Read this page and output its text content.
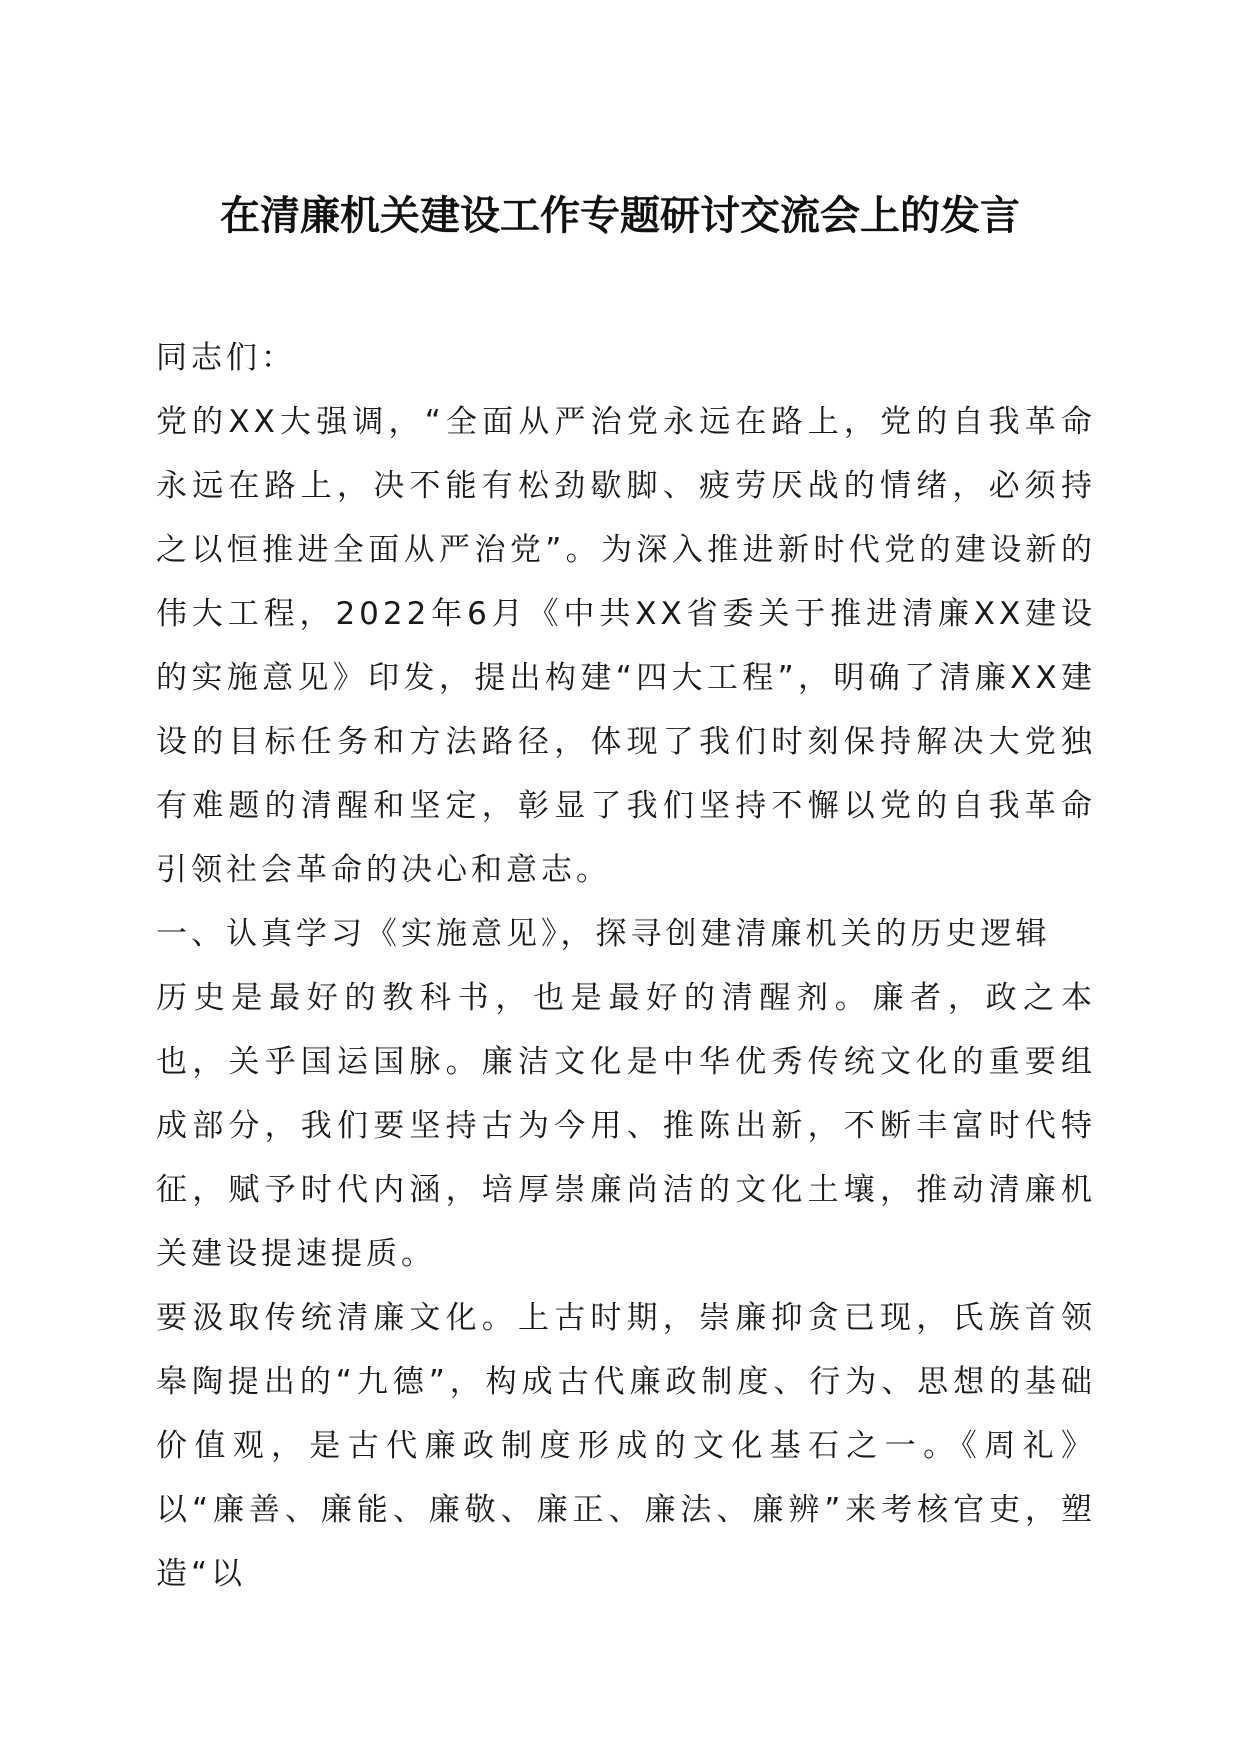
在清廉机关建设工作专题研讨交流会上的发言

同志们：

党的XX大强调，“全面从严治党永远在路上，党的自我革命永远在路上，决不能有松劲歇脚、疲劳厌战的情绪，必须持之以恒推进全面从严治党”。为深入推进新时代党的建设新的伟大工程，2022年6月《中共XX省委关于推进清廉XX建设的实施意见》印发，提出构建“四大工程”，明确了清廉XX建设的目标任务和方法路径，体现了我们时刻保持解决大党独有难题的清醒和坚定，彰显了我们坚持不懈以党的自我革命引领社会革命的决心和意志。

一、认真学习《实施意见》，探寻创建清廉机关的历史逻辑

历史是最好的教科书，也是最好的清醒剂。廉者，政之本也，关乎国运国脉。廉洁文化是中华优秀传统文化的重要组成部分，我们要坚持古为今用、推陈出新，不断丰富时代特征，赋予时代内涵，培厚崇廉尚洁的文化土壤，推动清廉机关建设提速提质。

要汲取传统清廉文化。上古时期，崇廉抑贪已现，氏族首领皋陶提出的“九德”，构成古代廉政制度、行为、思想的基础价值观，是古代廉政制度形成的文化基石之一。《周礼》以“廉善、廉能、廉敬、廉正、廉法、廉辨”来考核官吏，塑造“以
